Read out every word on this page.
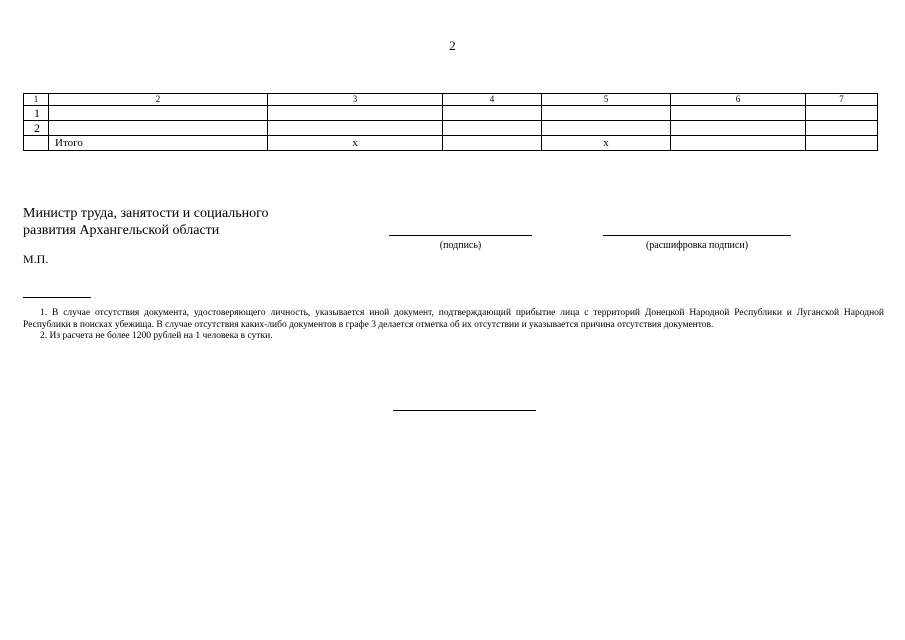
2
1	2	3	4	5	6	7
1						
2						
	Итого	х		х		
Министр труда, занятости и социального
развития Архангельской области
(подпись)	(расшифровка подписи)
М.П.

1. В случае отсутствия документа, удостоверяющего личность, указывается иной документ, подтверждающий прибытие лица с территорий Донецкой Народной Республики и Луганской Народной Республики в поисках убежища. В случае отсутствия каких-либо документов в графе 3 делается отметка об их отсутствии и указывается причина отсутствия документов.

2. Из расчета не более 1200 рублей на 1 человека в сутки.
